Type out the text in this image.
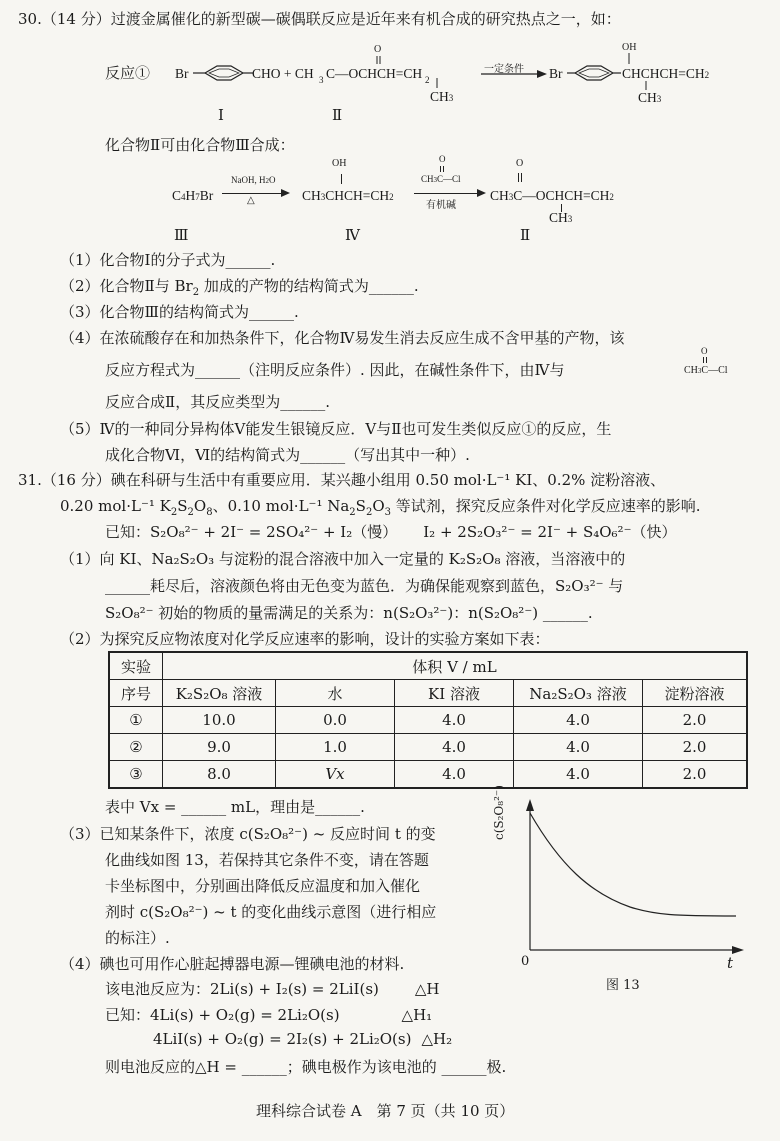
30.（14 分）过渡金属催化的新型碳—碳偶联反应是近年来有机合成的研究热点之一，如：
反应① Br	CHO + CH 3 C—OCHCH=CH 2
O
CH3
一定条件 Br	CHCHCH=CH2
OH
CH3
Ⅰ	Ⅱ
化合物Ⅱ可由化合物Ⅲ合成：
C4H7Br
NaOH, H2O
△
OH
CH3CHCH=CH2
O
CH3C—Cl
有机碱
O
CH3C—OCHCH=CH2
CH3
Ⅲ	Ⅳ	Ⅱ
（1）化合物Ⅰ的分子式为______.
（2）化合物Ⅱ与 $Br_2$ 加成的产物的结构简式为______.
（3）化合物Ⅲ的结构简式为______.
（4）在浓硫酸存在和加热条件下，化合物Ⅳ易发生消去反应生成不含甲基的产物，该
反应方程式为______（注明反应条件）. 因此，在碱性条件下，由Ⅳ与
O
CH3C—Cl
反应合成Ⅱ，其反应类型为______.
（5）Ⅳ的一种同分异构体Ⅴ能发生银镜反应．Ⅴ与Ⅱ也可发生类似反应①的反应，生
成化合物Ⅵ，Ⅵ的结构简式为______（写出其中一种）.
31.（16 分）碘在科研与生活中有重要应用．某兴趣小组用 0.50 mol·L⁻¹ KI、0.2% 淀粉溶液、
0.20 mol·L⁻¹ $K_2S_2O_8$、0.10 mol·L⁻¹ $Na_2S_2O_3$ 等试剂，探究反应条件对化学反应速率的影响.
已知：S₂O₈²⁻ + 2I⁻ = 2SO₄²⁻ + I₂（慢） I₂ + 2S₂O₃²⁻ = 2I⁻ + S₄O₆²⁻（快）
（1）向 KI、Na₂S₂O₃ 与淀粉的混合溶液中加入一定量的 K₂S₂O₈ 溶液，当溶液中的
______耗尽后，溶液颜色将由无色变为蓝色．为确保能观察到蓝色，S₂O₃²⁻ 与
S₂O₈²⁻ 初始的物质的量需满足的关系为：n(S₂O₃²⁻)：n(S₂O₈²⁻) ______.
（2）为探究反应物浓度对化学反应速率的影响，设计的实验方案如下表：
实验	体积 V / mL				
序号	K₂S₂O₈ 溶液	水	KI 溶液	Na₂S₂O₃ 溶液	淀粉溶液
①	10.0	0.0	4.0	4.0	2.0
②	9.0	1.0	4.0	4.0	2.0
③	8.0	Vx	4.0	4.0	2.0
表中 Vx = ______ mL，理由是______.
（3）已知某条件下，浓度 c(S₂O₈²⁻) ~ 反应时间 t 的变
化曲线如图 13，若保持其它条件不变，请在答题
卡坐标图中，分别画出降低反应温度和加入催化
剂时 c(S₂O₈²⁻) ~ t 的变化曲线示意图（进行相应
的标注）.
c(S₂O₈²⁻)
0	t
图 13
（4）碘也可用作心脏起搏器电源—锂碘电池的材料.
该电池反应为：2Li(s) + I₂(s) = 2LiI(s) △H
已知：4Li(s) + O₂(g) = 2Li₂O(s)	△H₁
4LiI(s) + O₂(g) = 2I₂(s) + 2Li₂O(s) △H₂
则电池反应的△H = ______；碘电极作为该电池的 ______极.
理科综合试卷 A　第 7 页（共 10 页）
